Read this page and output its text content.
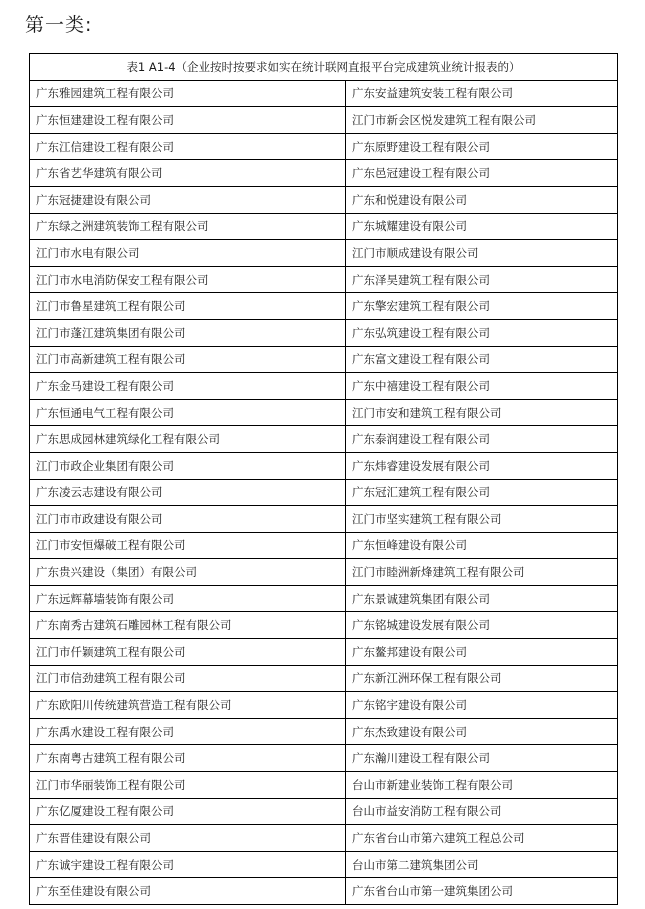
第一类:
表1 A1-4（企业按时按要求如实在统计联网直报平台完成建筑业统计报表的）	
广东雅园建筑工程有限公司	广东安益建筑安装工程有限公司
广东恒建建设工程有限公司	江门市新会区悦发建筑工程有限公司
广东江信建设工程有限公司	广东原野建设工程有限公司
广东省艺华建筑有限公司	广东邑冠建设工程有限公司
广东冠捷建设有限公司	广东和悦建设有限公司
广东绿之洲建筑装饰工程有限公司	广东城耀建设有限公司
江门市水电有限公司	江门市顺成建设有限公司
江门市水电消防保安工程有限公司	广东泽昊建筑工程有限公司
江门市鲁星建筑工程有限公司	广东擎宏建筑工程有限公司
江门市蓬江建筑集团有限公司	广东弘筑建设工程有限公司
江门市高新建筑工程有限公司	广东富文建设工程有限公司
广东金马建设工程有限公司	广东中禧建设工程有限公司
广东恒通电气工程有限公司	江门市安和建筑工程有限公司
广东思成园林建筑绿化工程有限公司	广东泰润建设工程有限公司
江门市政企业集团有限公司	广东炜睿建设发展有限公司
广东凌云志建设有限公司	广东冠汇建筑工程有限公司
江门市市政建设有限公司	江门市坚实建筑工程有限公司
江门市安恒爆破工程有限公司	广东恒峰建设有限公司
广东贵兴建设（集团）有限公司	江门市睦洲新烽建筑工程有限公司
广东远辉幕墙装饰有限公司	广东景诚建筑集团有限公司
广东南秀古建筑石雕园林工程有限公司	广东铭城建设发展有限公司
江门市仟颖建筑工程有限公司	广东鳌邦建设有限公司
江门市信劲建筑工程有限公司	广东新江洲环保工程有限公司
广东欧阳川传统建筑营造工程有限公司	广东铭宇建设有限公司
广东禹水建设工程有限公司	广东杰致建设有限公司
广东南粤古建筑工程有限公司	广东瀚川建设工程有限公司
江门市华丽装饰工程有限公司	台山市新建业装饰工程有限公司
广东亿厦建设工程有限公司	台山市益安消防工程有限公司
广东晋佳建设有限公司	广东省台山市第六建筑工程总公司
广东诚宇建设工程有限公司	台山市第二建筑集团公司
广东至佳建设有限公司	广东省台山市第一建筑集团公司
